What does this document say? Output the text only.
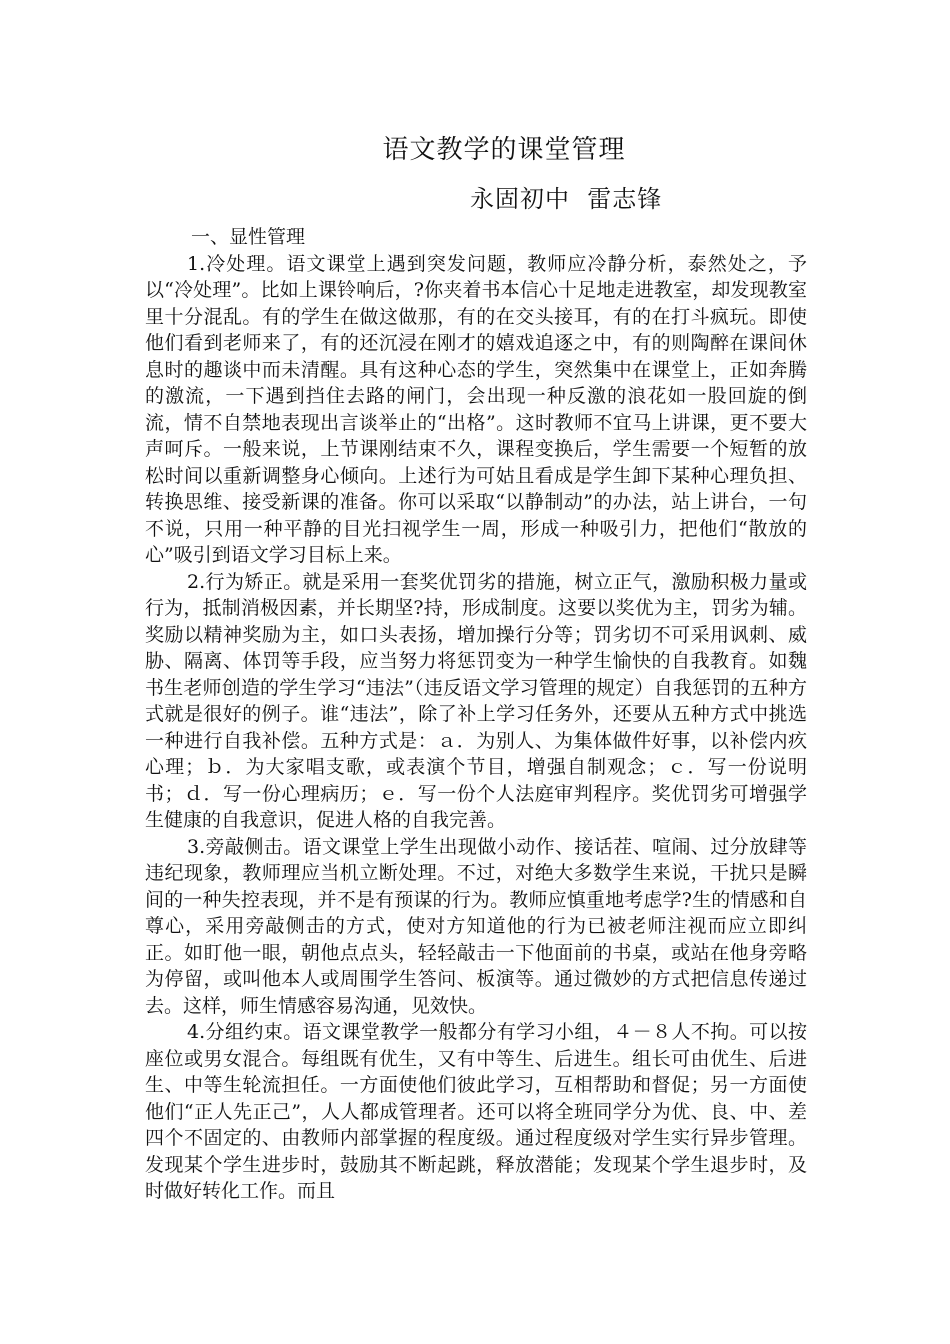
语文教学的课堂管理
永固初中  雷志锋

一、显性管理

1.冷处理。语文课堂上遇到突发问题，教师应冷静分析，泰然处之，予以“冷处理”。比如上课铃响后，?你夹着书本信心十足地走进教室，却发现教室里十分混乱。有的学生在做这做那，有的在交头接耳，有的在打斗疯玩。即使他们看到老师来了，有的还沉浸在刚才的嬉戏追逐之中，有的则陶醉在课间休息时的趣谈中而未清醒。具有这种心态的学生，突然集中在课堂上，正如奔腾的激流，一下遇到挡住去路的闸门，会出现一种反激的浪花如一股回旋的倒流，情不自禁地表现出言谈举止的“出格”。这时教师不宜马上讲课，更不要大声呵斥。一般来说，上节课刚结束不久，课程变换后，学生需要一个短暂的放松时间以重新调整身心倾向。上述行为可姑且看成是学生卸下某种心理负担、转换思维、接受新课的准备。你可以采取“以静制动”的办法，站上讲台，一句不说，只用一种平静的目光扫视学生一周，形成一种吸引力，把他们“散放的心”吸引到语文学习目标上来。

2.行为矫正。就是采用一套奖优罚劣的措施，树立正气，激励积极力量或行为，抵制消极因素，并长期坚?持，形成制度。这要以奖优为主，罚劣为辅。奖励以精神奖励为主，如口头表扬，增加操行分等；罚劣切不可采用讽刺、威胁、隔离、体罚等手段，应当努力将惩罚变为一种学生愉快的自我教育。如魏书生老师创造的学生学习“违法”（违反语文学习管理的规定）自我惩罚的五种方式就是很好的例子。谁“违法”，除了补上学习任务外，还要从五种方式中挑选一种进行自我补偿。五种方式是：ａ．为别人、为集体做件好事，以补偿内疚心理；ｂ．为大家唱支歌，或表演个节目，增强自制观念；ｃ．写一份说明书；ｄ．写一份心理病历；ｅ．写一份个人法庭审判程序。奖优罚劣可增强学生健康的自我意识，促进人格的自我完善。

3.旁敲侧击。语文课堂上学生出现做小动作、接话茬、喧闹、过分放肆等违纪现象，教师理应当机立断处理。不过，对绝大多数学生来说，干扰只是瞬间的一种失控表现，并不是有预谋的行为。教师应慎重地考虑学?生的情感和自尊心，采用旁敲侧击的方式，使对方知道他的行为已被老师注视而应立即纠正。如盯他一眼，朝他点点头，轻轻敲击一下他面前的书桌，或站在他身旁略为停留，或叫他本人或周围学生答问、板演等。通过微妙的方式把信息传递过去。这样，师生情感容易沟通，见效快。

4.分组约束。语文课堂教学一般都分有学习小组，４－８人不拘。可以按座位或男女混合。每组既有优生，又有中等生、后进生。组长可由优生、后进生、中等生轮流担任。一方面使他们彼此学习，互相帮助和督促；另一方面使他们“正人先正己”，人人都成管理者。还可以将全班同学分为优、良、中、差四个不固定的、由教师内部掌握的程度级。通过程度级对学生实行异步管理。发现某个学生进步时，鼓励其不断起跳，释放潜能；发现某个学生退步时，及时做好转化工作。而且
